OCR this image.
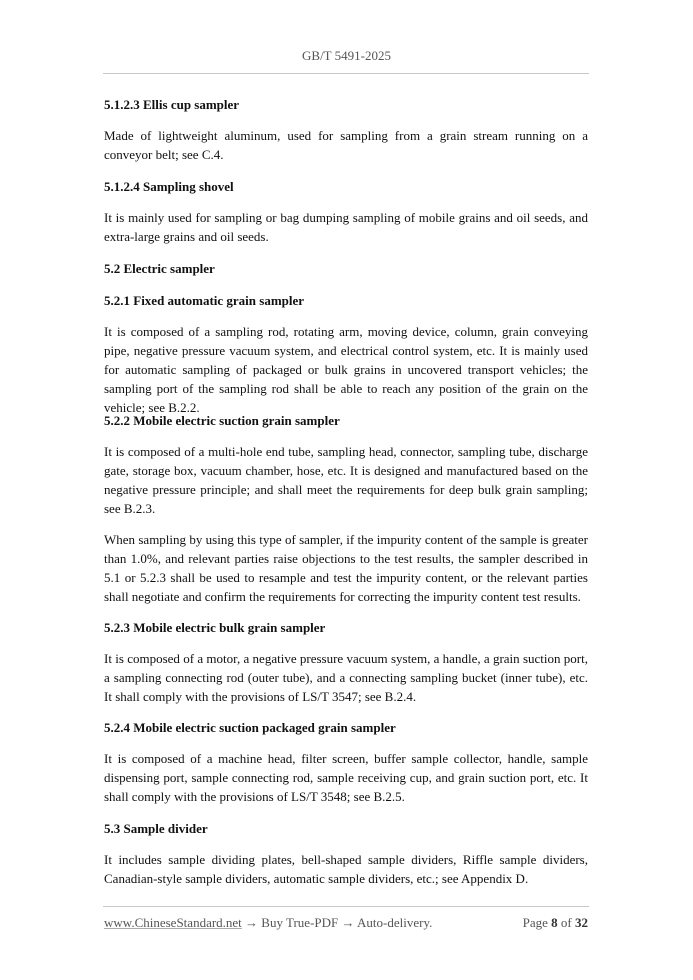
GB/T 5491-2025
5.1.2.3 Ellis cup sampler
Made of lightweight aluminum, used for sampling from a grain stream running on a conveyor belt; see C.4.
5.1.2.4 Sampling shovel
It is mainly used for sampling or bag dumping sampling of mobile grains and oil seeds, and extra-large grains and oil seeds.
5.2 Electric sampler
5.2.1 Fixed automatic grain sampler
It is composed of a sampling rod, rotating arm, moving device, column, grain conveying pipe, negative pressure vacuum system, and electrical control system, etc. It is mainly used for automatic sampling of packaged or bulk grains in uncovered transport vehicles; the sampling port of the sampling rod shall be able to reach any position of the grain on the vehicle; see B.2.2.
5.2.2 Mobile electric suction grain sampler
It is composed of a multi-hole end tube, sampling head, connector, sampling tube, discharge gate, storage box, vacuum chamber, hose, etc. It is designed and manufactured based on the negative pressure principle; and shall meet the requirements for deep bulk grain sampling; see B.2.3.
When sampling by using this type of sampler, if the impurity content of the sample is greater than 1.0%, and relevant parties raise objections to the test results, the sampler described in 5.1 or 5.2.3 shall be used to resample and test the impurity content, or the relevant parties shall negotiate and confirm the requirements for correcting the impurity content test results.
5.2.3 Mobile electric bulk grain sampler
It is composed of a motor, a negative pressure vacuum system, a handle, a grain suction port, a sampling connecting rod (outer tube), and a connecting sampling bucket (inner tube), etc. It shall comply with the provisions of LS/T 3547; see B.2.4.
5.2.4 Mobile electric suction packaged grain sampler
It is composed of a machine head, filter screen, buffer sample collector, handle, sample dispensing port, sample connecting rod, sample receiving cup, and grain suction port, etc. It shall comply with the provisions of LS/T 3548; see B.2.5.
5.3 Sample divider
It includes sample dividing plates, bell-shaped sample dividers, Riffle sample dividers, Canadian-style sample dividers, automatic sample dividers, etc.; see Appendix D.
www.ChineseStandard.net → Buy True-PDF → Auto-delivery.	Page 8 of 32
